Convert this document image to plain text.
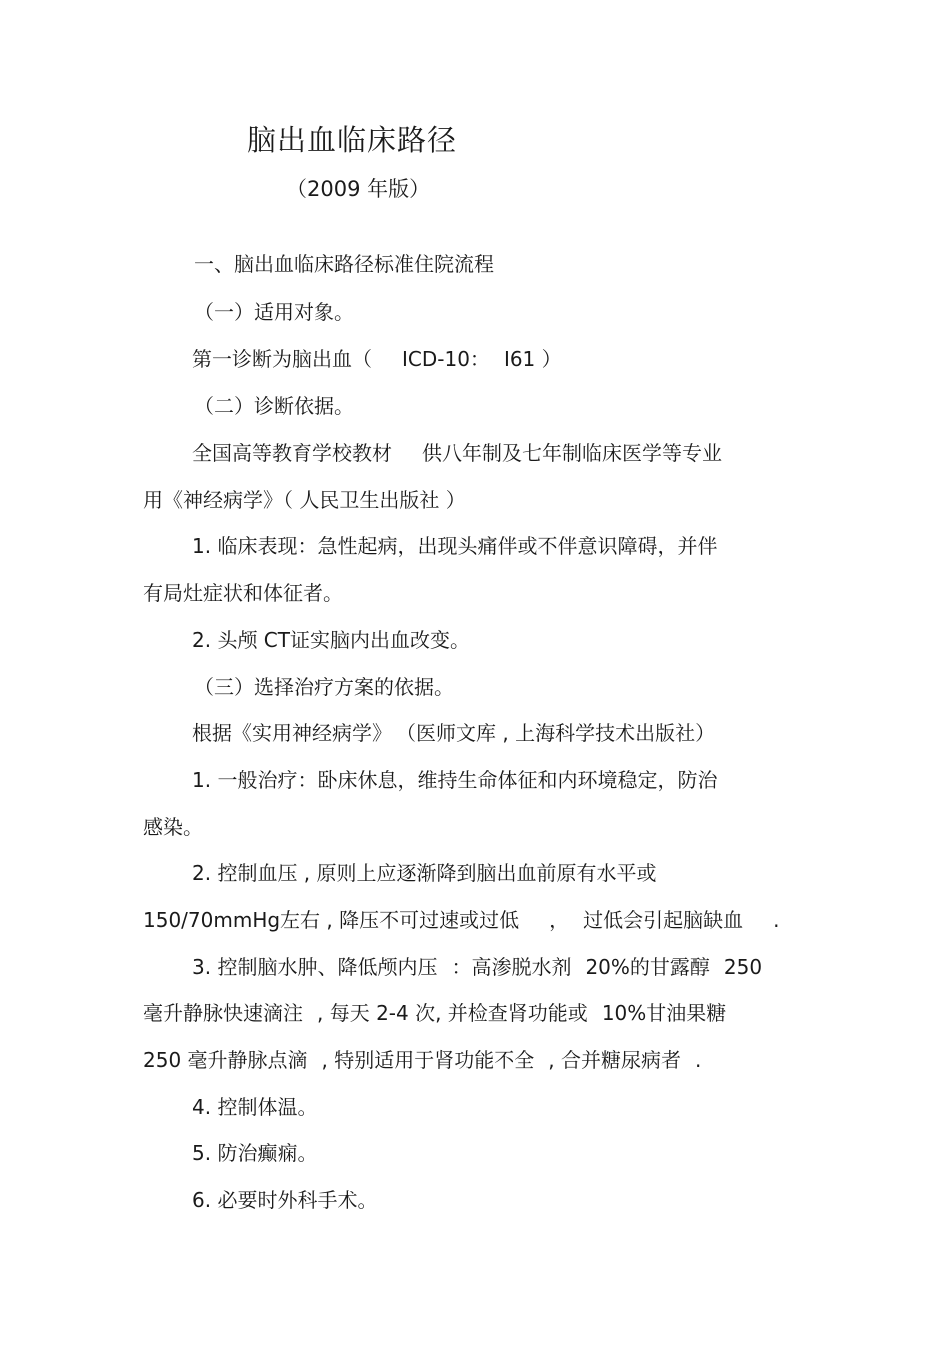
脑出血临床路径
（2009 年版）
一、脑出血临床路径标准住院流程
（一）适用对象。
第一诊断为脑出血（ ICD-10： I61 ）
（二）诊断依据。
全国高等教育学校教材 供八年制及七年制临床医学等专业
用《神经病学》（ 人民卫生出版社 ）
1. 临床表现：急性起病，出现头痛伴或不伴意识障碍，并伴
有局灶症状和体征者。
2. 头颅 CT证实脑内出血改变。
（三）选择治疗方案的依据。
根据《实用神经病学》 （医师文库 , 上海科学技术出版社）
1. 一般治疗：卧床休息，维持生命体征和内环境稳定，防治
感染。
2. 控制血压 , 原则上应逐渐降到脑出血前原有水平或
150/70mmHg左右 , 降压不可过速或过低 ， 过低会引起脑缺血 .
3. 控制脑水肿、降低颅内压 ：高渗脱水剂 20%的甘露醇 250
毫升静脉快速滴注 , 每天 2-4 次, 并检查肾功能或 10%甘油果糖
250 毫升静脉点滴 , 特别适用于肾功能不全 , 合并糖尿病者 .
4. 控制体温。
5. 防治癫痫。
6. 必要时外科手术。
